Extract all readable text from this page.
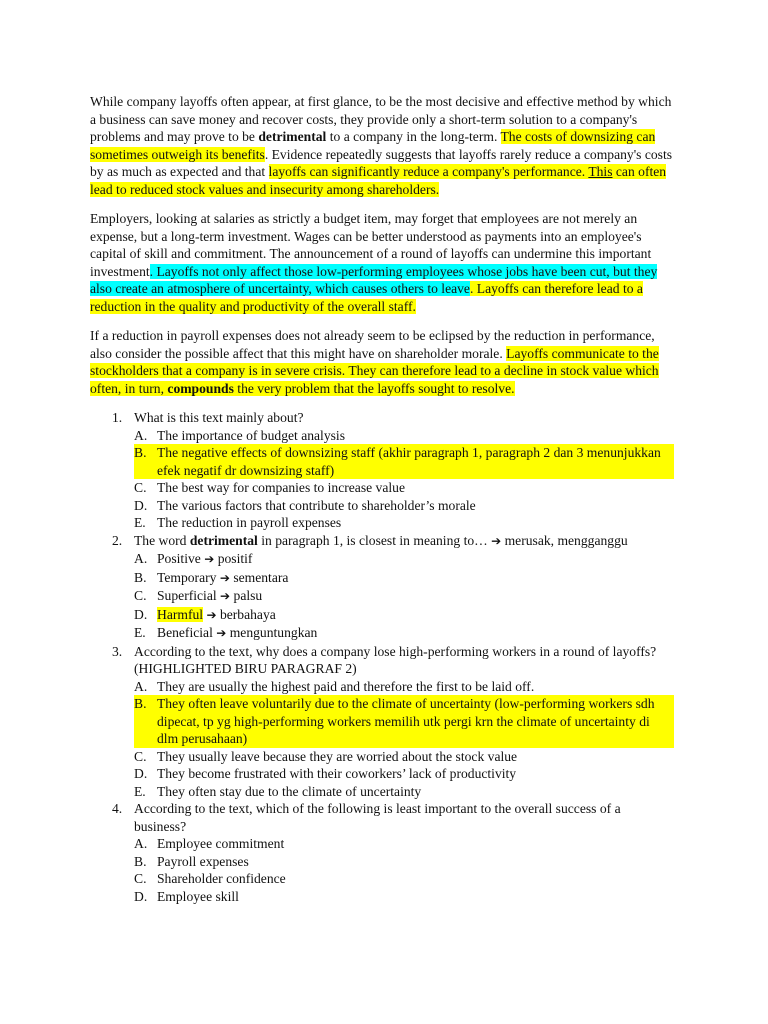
While company layoffs often appear, at first glance, to be the most decisive and effective method by which a business can save money and recover costs, they provide only a short-term solution to a company's problems and may prove to be detrimental to a company in the long-term. The costs of downsizing can sometimes outweigh its benefits. Evidence repeatedly suggests that layoffs rarely reduce a company's costs by as much as expected and that layoffs can significantly reduce a company's performance. This can often lead to reduced stock values and insecurity among shareholders.

Employers, looking at salaries as strictly a budget item, may forget that employees are not merely an expense, but a long-term investment. Wages can be better understood as payments into an employee's capital of skill and commitment. The announcement of a round of layoffs can undermine this important investment. Layoffs not only affect those low-performing employees whose jobs have been cut, but they also create an atmosphere of uncertainty, which causes others to leave. Layoffs can therefore lead to a reduction in the quality and productivity of the overall staff.

If a reduction in payroll expenses does not already seem to be eclipsed by the reduction in performance, also consider the possible affect that this might have on shareholder morale. Layoffs communicate to the stockholders that a company is in severe crisis. They can therefore lead to a decline in stock value which often, in turn, compounds the very problem that the layoffs sought to resolve.

1. What is this text mainly about?
A. The importance of budget analysis
B. The negative effects of downsizing staff (akhir paragraph 1, paragraph 2 dan 3 menunjukkan efek negatif dr downsizing staff)
C. The best way for companies to increase value
D. The various factors that contribute to shareholder’s morale
E. The reduction in payroll expenses
2. The word detrimental in paragraph 1, is closest in meaning to… ➔ merusak, mengganggu
A. Positive ➔ positif
B. Temporary ➔ sementara
C. Superficial ➔ palsu
D. Harmful ➔ berbahaya
E. Beneficial ➔ menguntungkan
3. According to the text, why does a company lose high-performing workers in a round of layoffs? (HIGHLIGHTED BIRU PARAGRAF 2)
A. They are usually the highest paid and therefore the first to be laid off.
B. They often leave voluntarily due to the climate of uncertainty (low-performing workers sdh dipecat, tp yg high-performing workers memilih utk pergi krn the climate of uncertainty di dlm perusahaan)
C. They usually leave because they are worried about the stock value
D. They become frustrated with their coworkers’ lack of productivity
E. They often stay due to the climate of uncertainty
4. According to the text, which of the following is least important to the overall success of a business?
A. Employee commitment
B. Payroll expenses
C. Shareholder confidence
D. Employee skill
